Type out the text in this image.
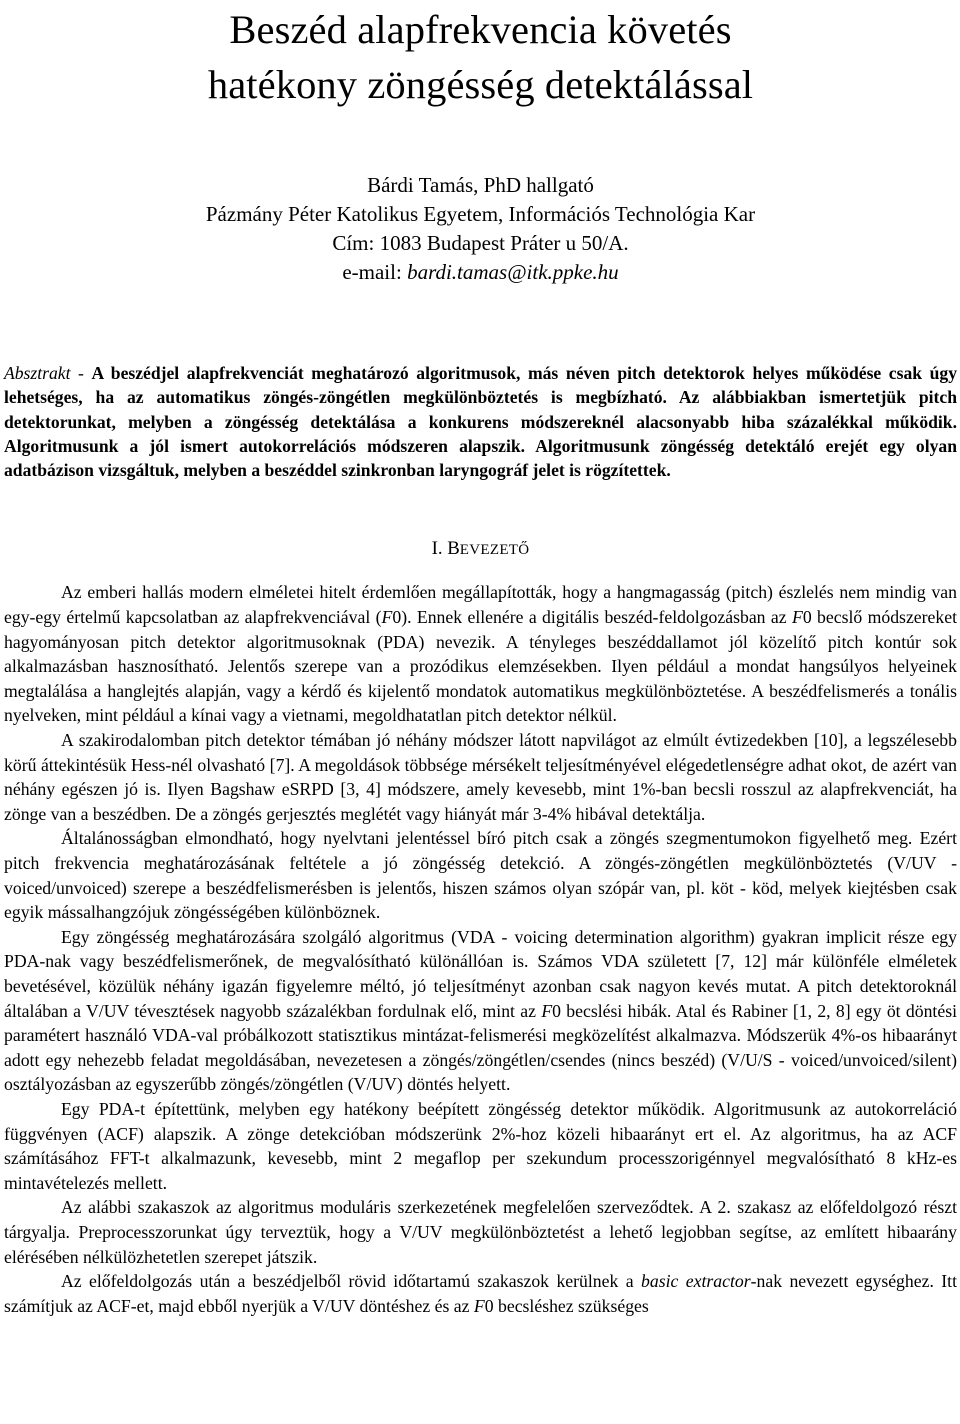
Beszéd alapfrekvencia követés
hatékony zöngésség detektálással
Bárdi Tamás, PhD hallgató
Pázmány Péter Katolikus Egyetem, Információs Technológia Kar
Cím: 1083 Budapest Práter u 50/A.
e-mail: bardi.tamas@itk.ppke.hu
Absztrakt - A beszédjel alapfrekvenciát meghatározó algoritmusok, más néven pitch detektorok helyes működése csak úgy lehetséges, ha az automatikus zöngés-zöngétlen megkülönböztetés is megbízható. Az alábbiakban ismertetjük pitch detektorunkat, melyben a zöngésség detektálása a konkurens módszereknél alacsonyabb hiba százalékkal működik. Algoritmusunk a jól ismert autokorrelációs módszeren alapszik. Algoritmusunk zöngésség detektáló erejét egy olyan adatbázison vizsgáltuk, melyben a beszéddel szinkronban laryngográf jelet is rögzítettek.
I. BEVEZETŐ

Az emberi hallás modern elméletei hitelt érdemlően megállapították, hogy a hangmagasság (pitch) észlelés nem mindig van egy-egy értelmű kapcsolatban az alapfrekvenciával (F0). Ennek ellenére a digitális beszéd-feldolgozásban az F0 becslő módszereket hagyományosan pitch detektor algoritmusoknak (PDA) nevezik. A tényleges beszéddallamot jól közelítő pitch kontúr sok alkalmazásban hasznosítható. Jelentős szerepe van a prozódikus elemzésekben. Ilyen például a mondat hangsúlyos helyeinek megtalálása a hanglejtés alapján, vagy a kérdő és kijelentő mondatok automatikus megkülönböztetése. A beszédfelismerés a tonális nyelveken, mint például a kínai vagy a vietnami, megoldhatatlan pitch detektor nélkül.

A szakirodalomban pitch detektor témában jó néhány módszer látott napvilágot az elmúlt évtizedekben [10], a legszélesebb körű áttekintésük Hess-nél olvasható [7]. A megoldások többsége mérsékelt teljesítményével elégedetlenségre adhat okot, de azért van néhány egészen jó is. Ilyen Bagshaw eSRPD [3, 4] módszere, amely kevesebb, mint 1%-ban becsli rosszul az alapfrekvenciát, ha zönge van a beszédben. De a zöngés gerjesztés meglétét vagy hiányát már 3-4% hibával detektálja.

Általánosságban elmondható, hogy nyelvtani jelentéssel bíró pitch csak a zöngés szegmentumokon figyelhető meg. Ezért pitch frekvencia meghatározásának feltétele a jó zöngésség detekció. A zöngés-zöngétlen megkülönböztetés (V/UV - voiced/unvoiced) szerepe a beszédfelismerésben is jelentős, hiszen számos olyan szópár van, pl. köt - köd, melyek kiejtésben csak egyik mássalhangzójuk zöngésségében különböznek.

Egy zöngésség meghatározására szolgáló algoritmus (VDA - voicing determination algorithm) gyakran implicit része egy PDA-nak vagy beszédfelismerőnek, de megvalósítható különállóan is. Számos VDA született [7, 12] már különféle elméletek bevetésével, közülük néhány igazán figyelemre méltó, jó teljesítményt azonban csak nagyon kevés mutat. A pitch detektoroknál általában a V/UV tévesztések nagyobb százalékban fordulnak elő, mint az F0 becslési hibák. Atal és Rabiner [1, 2, 8] egy öt döntési paramétert használó VDA-val próbálkozott statisztikus mintázat-felismerési megközelítést alkalmazva. Módszerük 4%-os hibaarányt adott egy nehezebb feladat megoldásában, nevezetesen a zöngés/zöngétlen/csendes (nincs beszéd) (V/U/S - voiced/unvoiced/silent) osztályozásban az egyszerűbb zöngés/zöngétlen (V/UV) döntés helyett.

Egy PDA-t építettünk, melyben egy hatékony beépített zöngésség detektor működik. Algoritmusunk az autokorreláció függvényen (ACF) alapszik. A zönge detekcióban módszerünk 2%-hoz közeli hibaarányt ert el. Az algoritmus, ha az ACF számításához FFT-t alkalmazunk, kevesebb, mint 2 megaflop per szekundum processzorigénnyel megvalósítható 8 kHz-es mintavételezés mellett.

Az alábbi szakaszok az algoritmus moduláris szerkezetének megfelelően szerveződtek. A 2. szakasz az előfeldolgozó részt tárgyalja. Preprocesszorunkat úgy terveztük, hogy a V/UV megkülönböztetést a lehető legjobban segítse, az említett hibaarány elérésében nélkülözhetetlen szerepet játszik.

Az előfeldolgozás után a beszédjelből rövid időtartamú szakaszok kerülnek a basic extractor-nak nevezett egységhez. Itt számítjuk az ACF-et, majd ebből nyerjük a V/UV döntéshez és az F0 becsléshez szükséges
